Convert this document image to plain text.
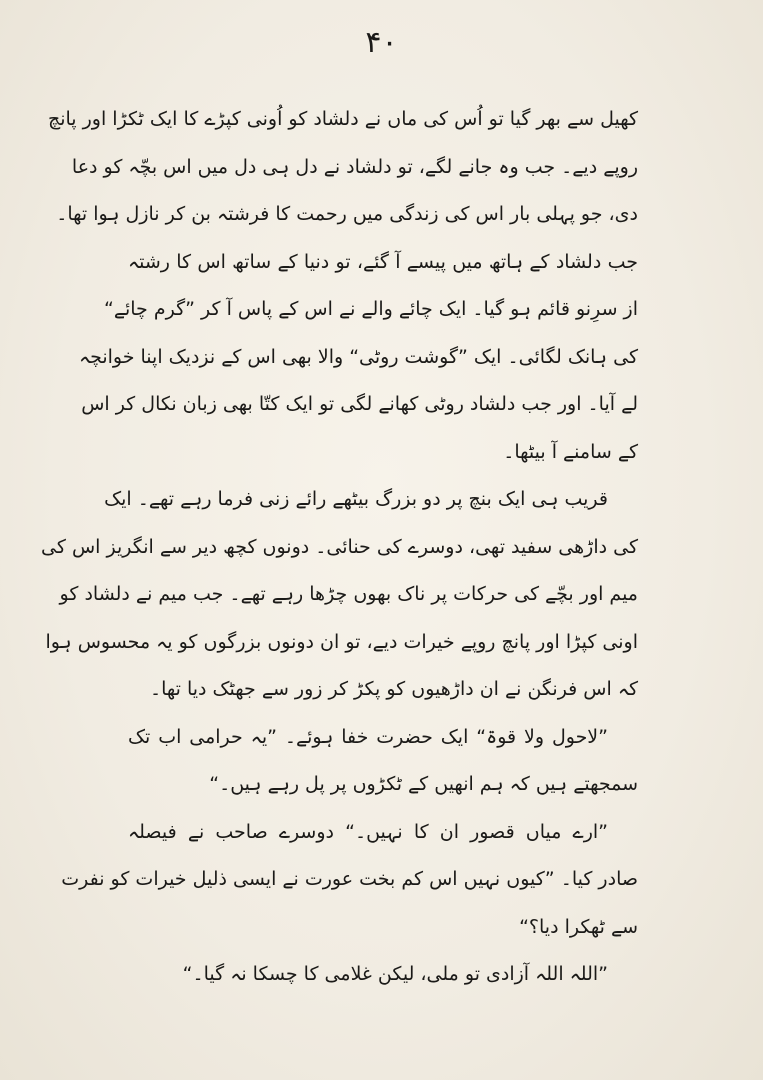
۴۰
کھیل سے بھر گیا تو اُس کی ماں نے دلشاد کو اُونی کپڑے کا ایک ٹکڑا اور پانچ
روپے دیے۔ جب وہ جانے لگے، تو دلشاد نے دل ہی دل میں اس بچّہ کو دعا
دی، جو پہلی بار اس کی زندگی میں رحمت کا فرشتہ بن کر نازل ہوا تھا۔
جب دلشاد کے ہاتھ میں پیسے آ گئے، تو دنیا کے ساتھ اس کا رشتہ
از سرِنو قائم ہو گیا۔ ایک چائے والے نے اس کے پاس آ کر ”گرم چائے“
کی ہانک لگائی۔ ایک ”گوشت روٹی“ والا بھی اس کے نزدیک اپنا خوانچہ
لے آیا۔ اور جب دلشاد روٹی کھانے لگی تو ایک کتّا بھی زبان نکال کر اس
کے سامنے آ بیٹھا۔
قریب ہی ایک بنچ پر دو بزرگ بیٹھے رائے زنی فرما رہے تھے۔ ایک
کی داڑھی سفید تھی، دوسرے کی حنائی۔ دونوں کچھ دیر سے انگریز اس کی
میم اور بچّے کی حرکات پر ناک بھوں چڑھا رہے تھے۔ جب میم نے دلشاد کو
اونی کپڑا اور پانچ روپے خیرات دیے، تو ان دونوں بزرگوں کو یہ محسوس ہوا
کہ اس فرنگن نے ان داڑھیوں کو پکڑ کر زور سے جھٹک دیا تھا۔
”لاحول ولا قوۃ“ ایک حضرت خفا ہوئے۔ ”یہ حرامی اب تک
سمجھتے ہیں کہ ہم انھیں کے ٹکڑوں پر پل رہے ہیں۔“
”ارے میاں قصور ان کا نہیں۔“ دوسرے صاحب نے فیصلہ
صادر کیا۔ ”کیوں نہیں اس کم بخت عورت نے ایسی ذلیل خیرات کو نفرت
سے ٹھکرا دیا؟“
”اللہ اللہ آزادی تو ملی، لیکن غلامی کا چسکا نہ گیا۔“
